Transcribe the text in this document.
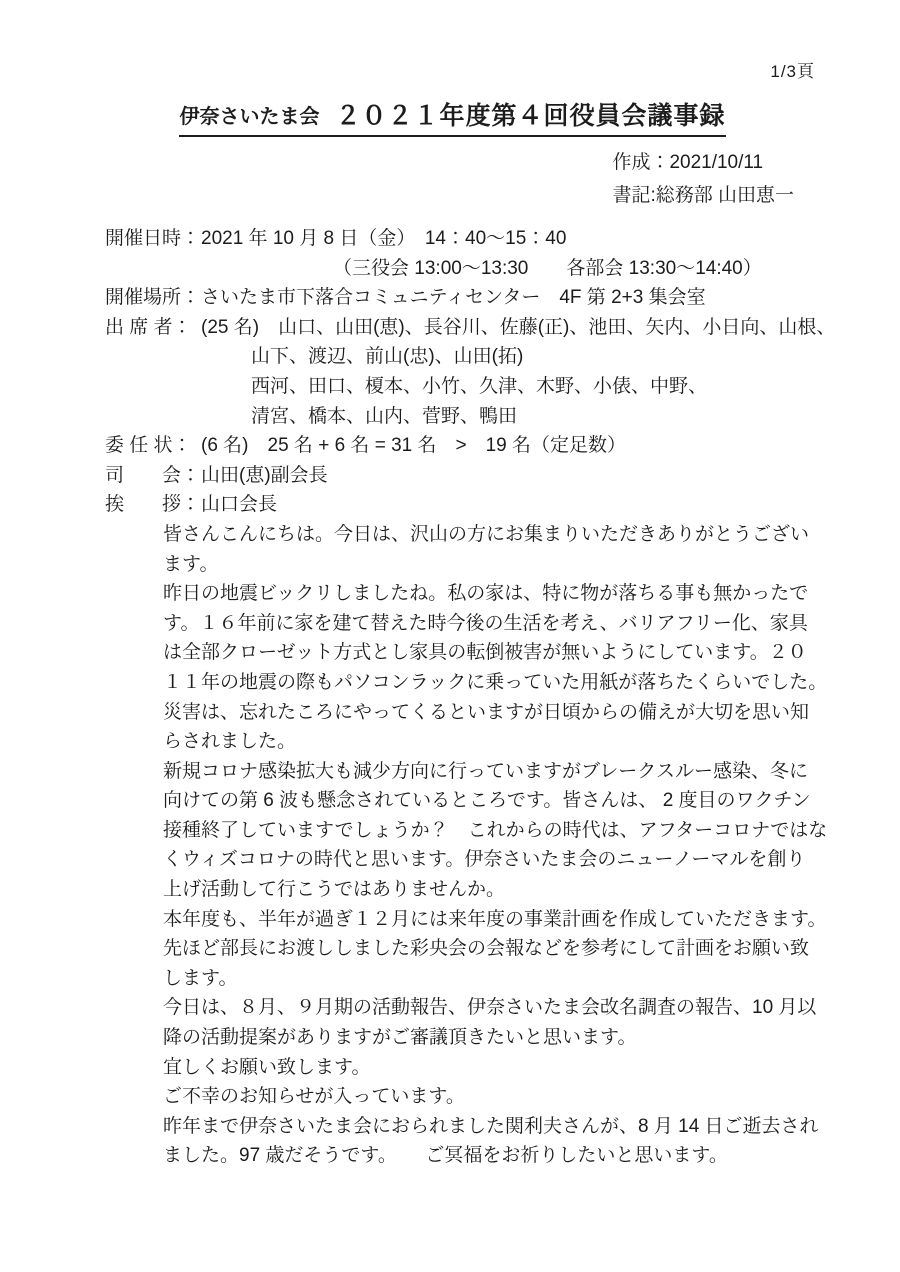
1/3頁
伊奈さいたま会 ２０２１年度第４回役員会議事録
作成：2021/10/11
書記:総務部 山田恵一
開催日時：2021 年 10 月 8 日（金）　14：40～15：40
（三役会 13:00～13:30　　各部会 13:30～14:40）
開催場所：さいたま市下落合コミュニティセンター　4F 第 2+3 集会室
出 席 者： (25 名)　山口、山田(恵)、長谷川、佐藤(正)、池田、矢内、小日向、山根、
山下、渡辺、前山(忠)、山田(拓)
西河、田口、榎本、小竹、久津、木野、小俵、中野、
清宮、橋本、山内、菅野、鴨田
委 任 状： (6 名)　25 名 + 6 名 = 31 名　>　19 名（定足数）
司　　会：山田(恵)副会長
挨　　拶：山口会長
皆さんこんにちは。今日は、沢山の方にお集まりいただきありがとうござい
ます。
昨日の地震ビックリしましたね。私の家は、特に物が落ちる事も無かったで
す。１６年前に家を建て替えた時今後の生活を考え、バリアフリー化、家具
は全部クローゼット方式とし家具の転倒被害が無いようにしています。２０
１１年の地震の際もパソコンラックに乗っていた用紙が落ちたくらいでした。
災害は、忘れたころにやってくるといますが日頃からの備えが大切を思い知
らされました。
新規コロナ感染拡大も減少方向に行っていますがブレークスルー感染、冬に
向けての第 6 波も懸念されているところです。皆さんは、 2 度目のワクチン
接種終了していますでしょうか？　これからの時代は、アフターコロナではな
くウィズコロナの時代と思います。伊奈さいたま会のニューノーマルを創り
上げ活動して行こうではありませんか。
本年度も、半年が過ぎ１２月には来年度の事業計画を作成していただきます。
先ほど部長にお渡ししました彩央会の会報などを参考にして計画をお願い致
します。
今日は、８月、９月期の活動報告、伊奈さいたま会改名調査の報告、10 月以
降の活動提案がありますがご審議頂きたいと思います。
宜しくお願い致します。
ご不幸のお知らせが入っています。
昨年まで伊奈さいたま会におられました関利夫さんが、8 月 14 日ご逝去され
ました。97 歳だそうです。　　ご冥福をお祈りしたいと思います。
